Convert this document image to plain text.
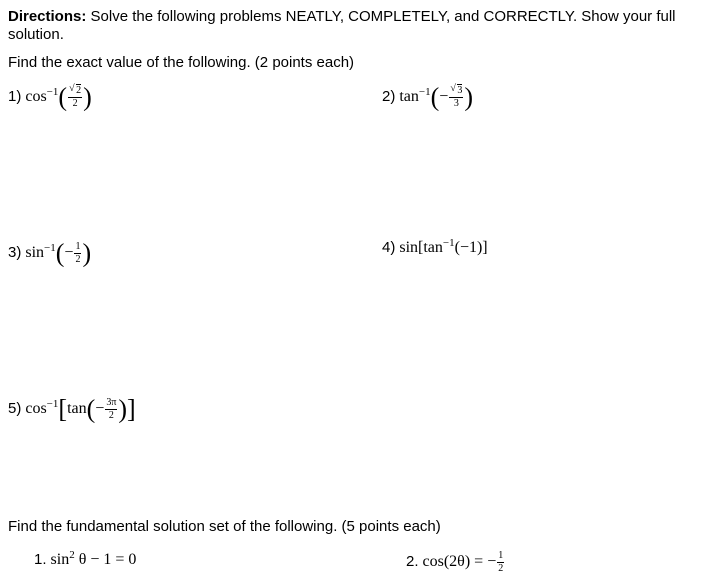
Directions: Solve the following problems NEATLY, COMPLETELY, and CORRECTLY. Show your full
solution.
Find the exact value of the following. (2 points each)
1) $\cos^{-1}( \frac{√ 2}{2}$ )	2) $\tan^{-1}(- \frac{√ 3}{3}$ )
3) $\sin^{-1}(- \frac{1}{2}$ )	4) $\sin[\tan^{-1}(-1)]$
5) $\cos^{-1}[\tan(- \frac{3\pi}{2}$ )]
Find the fundamental solution set of the following. (5 points each)
1. $\sin^2 \theta - 1 = 0$	2. cos(2θ) = − $\frac{1}{2}$
